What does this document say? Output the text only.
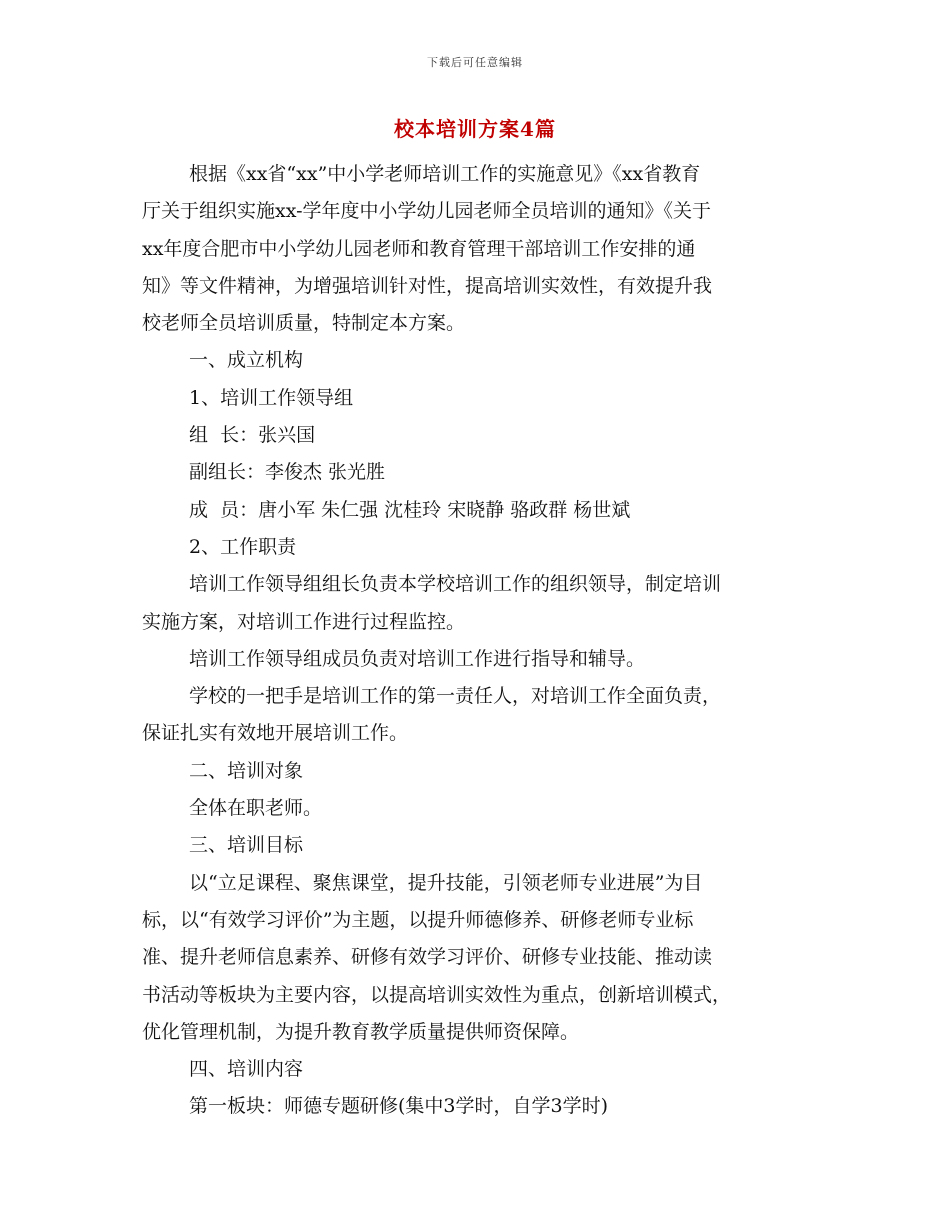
下载后可任意编辑
校本培训方案4篇

根据《xx省“xx”中小学老师培训工作的实施意见》《xx省教育

厅关于组织实施xx-学年度中小学幼儿园老师全员培训的通知》《关于

xx年度合肥市中小学幼儿园老师和教育管理干部培训工作安排的通

知》等文件精神，为增强培训针对性，提高培训实效性，有效提升我

校老师全员培训质量，特制定本方案。

一、成立机构

1、培训工作领导组

组  长：张兴国

副组长：李俊杰 张光胜

成  员：唐小军 朱仁强 沈桂玲 宋晓静 骆政群 杨世斌

2、工作职责

培训工作领导组组长负责本学校培训工作的组织领导，制定培训

实施方案，对培训工作进行过程监控。

培训工作领导组成员负责对培训工作进行指导和辅导。

学校的一把手是培训工作的第一责任人，对培训工作全面负责，

保证扎实有效地开展培训工作。

二、培训对象

全体在职老师。

三、培训目标

以“立足课程、聚焦课堂，提升技能，引领老师专业进展”为目

标，以“有效学习评价”为主题，以提升师德修养、研修老师专业标

准、提升老师信息素养、研修有效学习评价、研修专业技能、推动读

书活动等板块为主要内容，以提高培训实效性为重点，创新培训模式，

优化管理机制，为提升教育教学质量提供师资保障。

四、培训内容

第一板块：师德专题研修(集中3学时，自学3学时)
